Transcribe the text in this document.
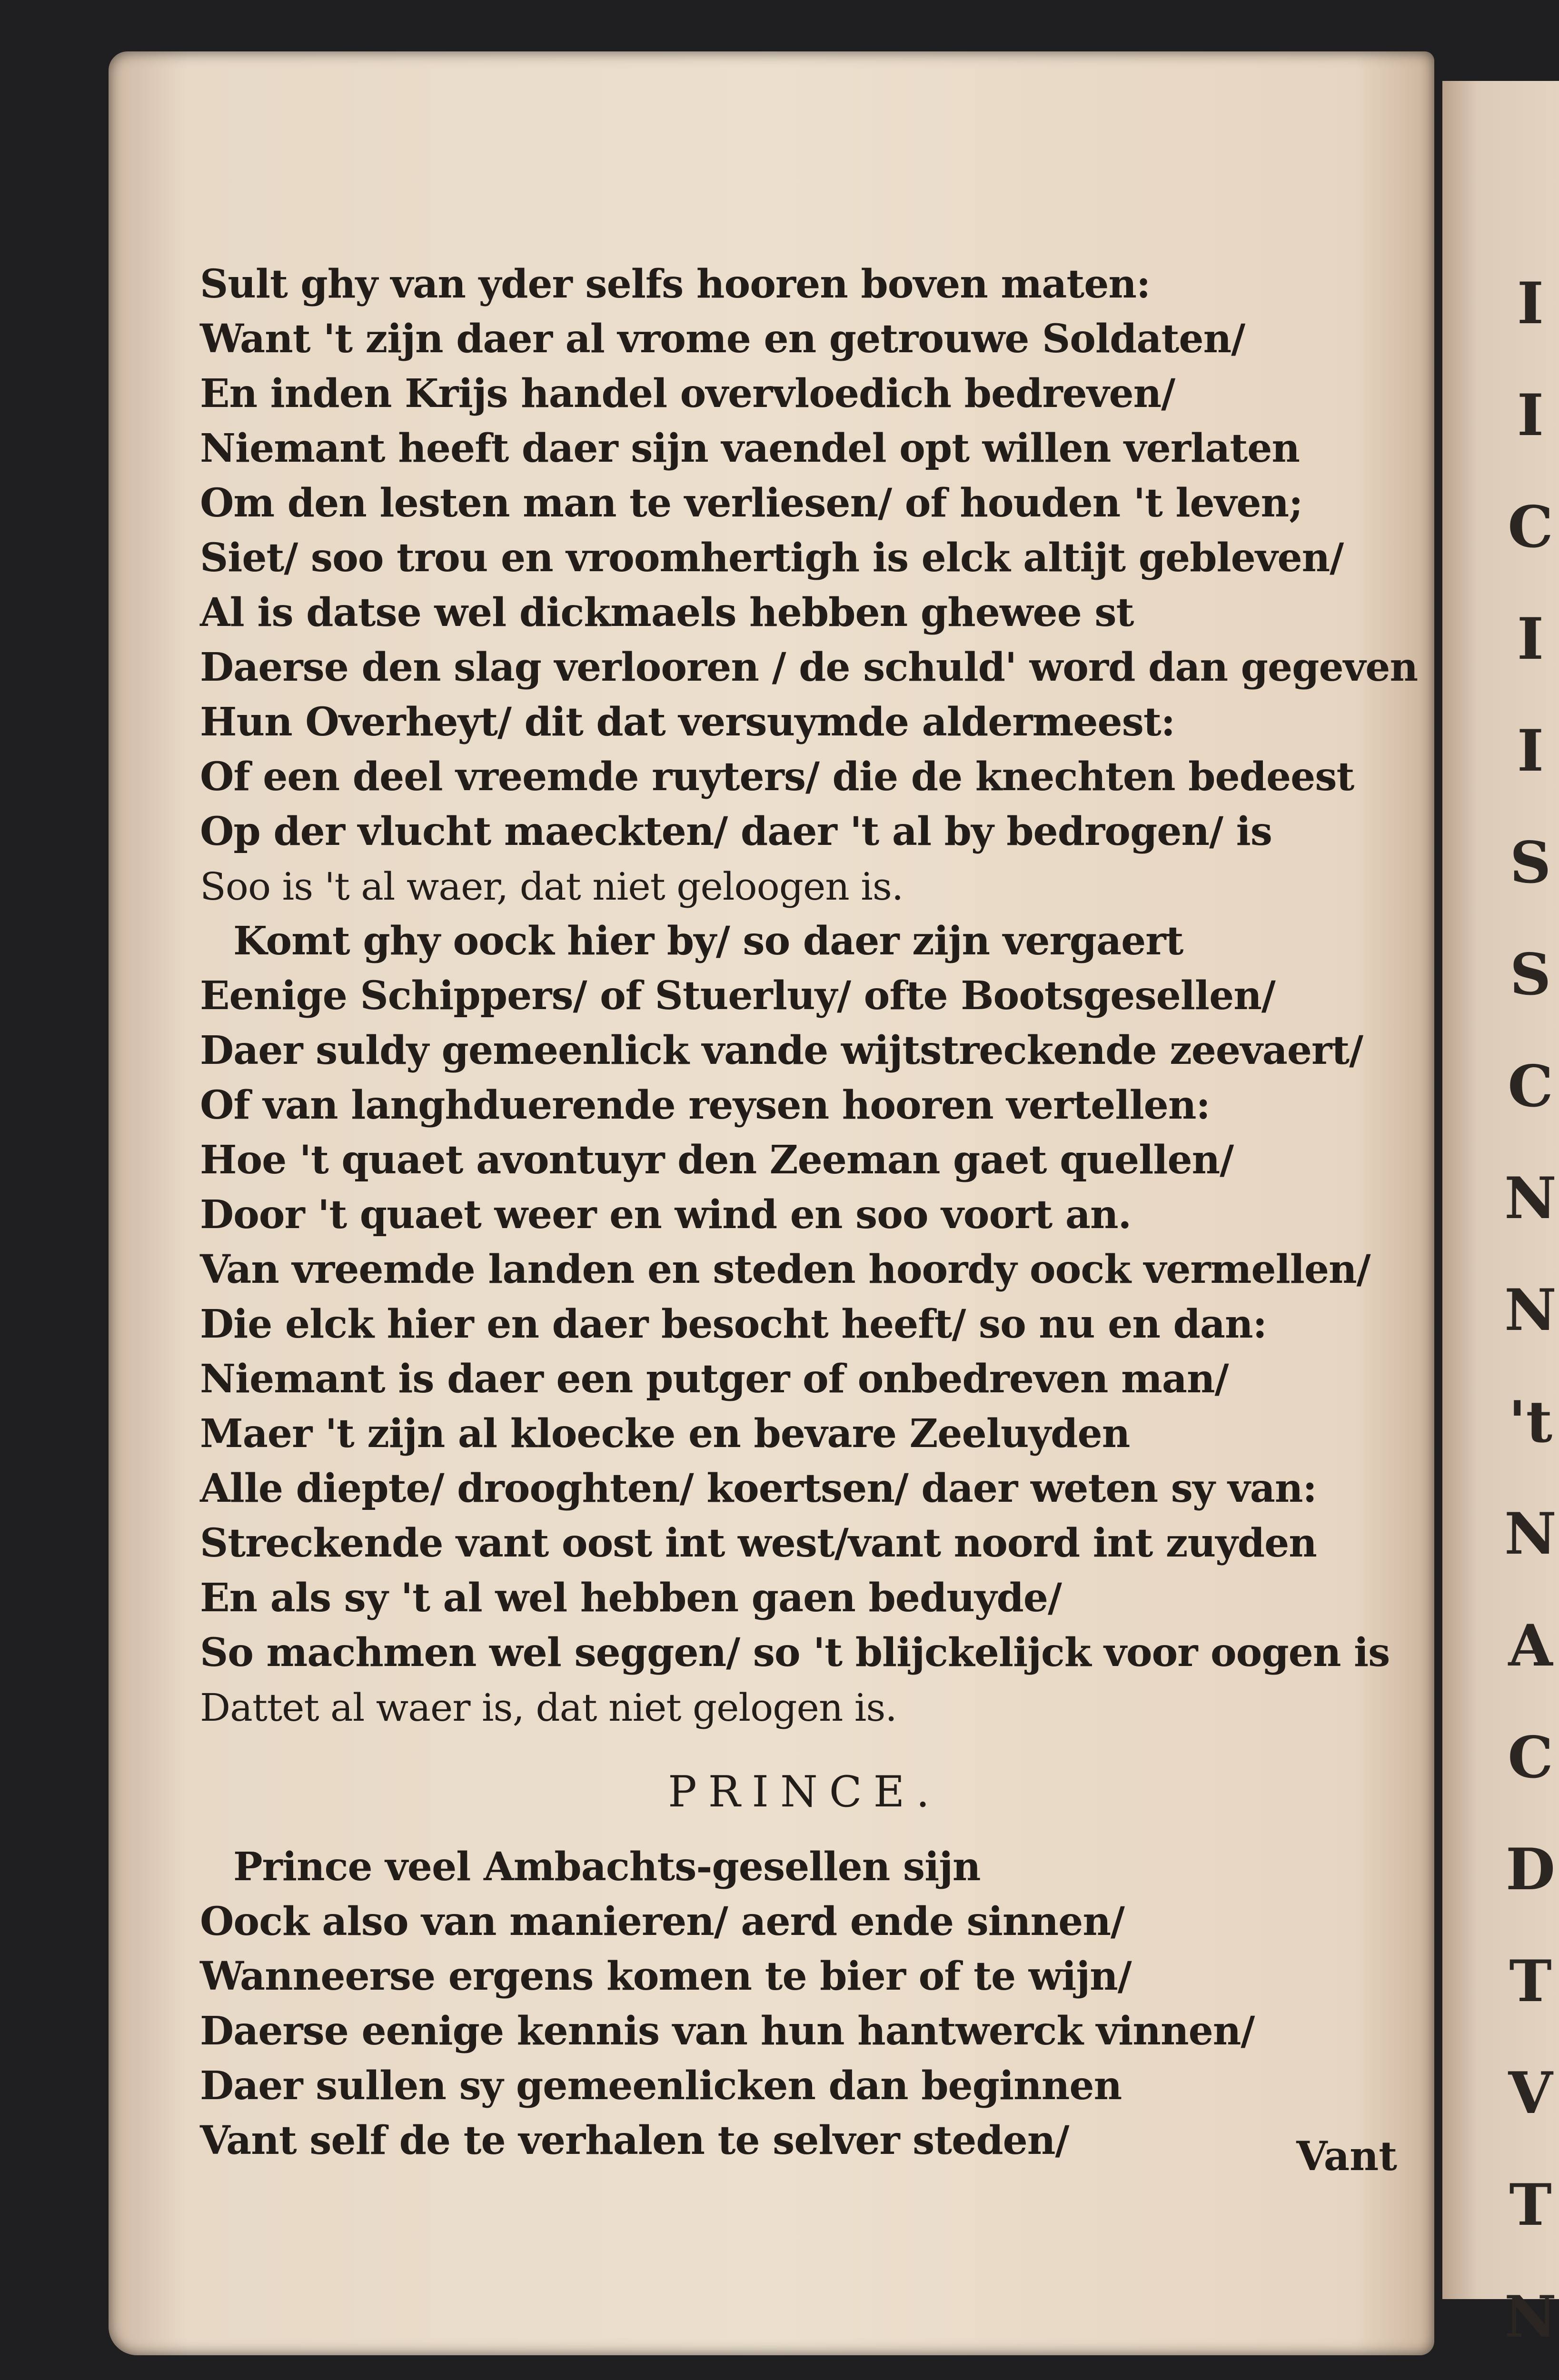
I
I
C
I
I
S
S
C
N
N
't
N
A
C
D
T
V
T
N
Sult ghy van yder selfs hooren boven maten:
Want 't zijn daer al vrome en getrouwe Soldaten/
En inden Krijs handel overvloedich bedreven/
Niemant heeft daer sijn vaendel opt willen verlaten
Om den lesten man te verliesen/ of houden 't leven;
Siet/ soo trou en vroomhertigh is elck altijt gebleven/
Al is datse wel dickmaels hebben ghewee st
Daerse den slag verlooren / de schuld' word dan gegeven
Hun Overheyt/ dit dat versuymde aldermeest:
Of een deel vreemde ruyters/ die de knechten bedeest
Op der vlucht maeckten/ daer 't al by bedrogen/ is
Soo is 't al waer, dat niet geloogen is.
Komt ghy oock hier by/ so daer zijn vergaert
Eenige Schippers/ of Stuerluy/ ofte Bootsgesellen/
Daer suldy gemeenlick vande wijtstreckende zeevaert/
Of van langhduerende reysen hooren vertellen:
Hoe 't quaet avontuyr den Zeeman gaet quellen/
Door 't quaet weer en wind en soo voort an.
Van vreemde landen en steden hoordy oock vermellen/
Die elck hier en daer besocht heeft/ so nu en dan:
Niemant is daer een putger of onbedreven man/
Maer 't zijn al kloecke en bevare Zeeluyden
Alle diepte/ drooghten/ koertsen/ daer weten sy van:
Streckende vant oost int west/vant noord int zuyden
En als sy 't al wel hebben gaen beduyde/
So machmen wel seggen/ so 't blijckelijck voor oogen is
Dattet al waer is, dat niet gelogen is.
PRINCE.
Prince veel Ambachts-gesellen sijn
Oock also van manieren/ aerd ende sinnen/
Wanneerse ergens komen te bier of te wijn/
Daerse eenige kennis van hun hantwerck vinnen/
Daer sullen sy gemeenlicken dan beginnen
Vant self de te verhalen te selver steden/	Vant
